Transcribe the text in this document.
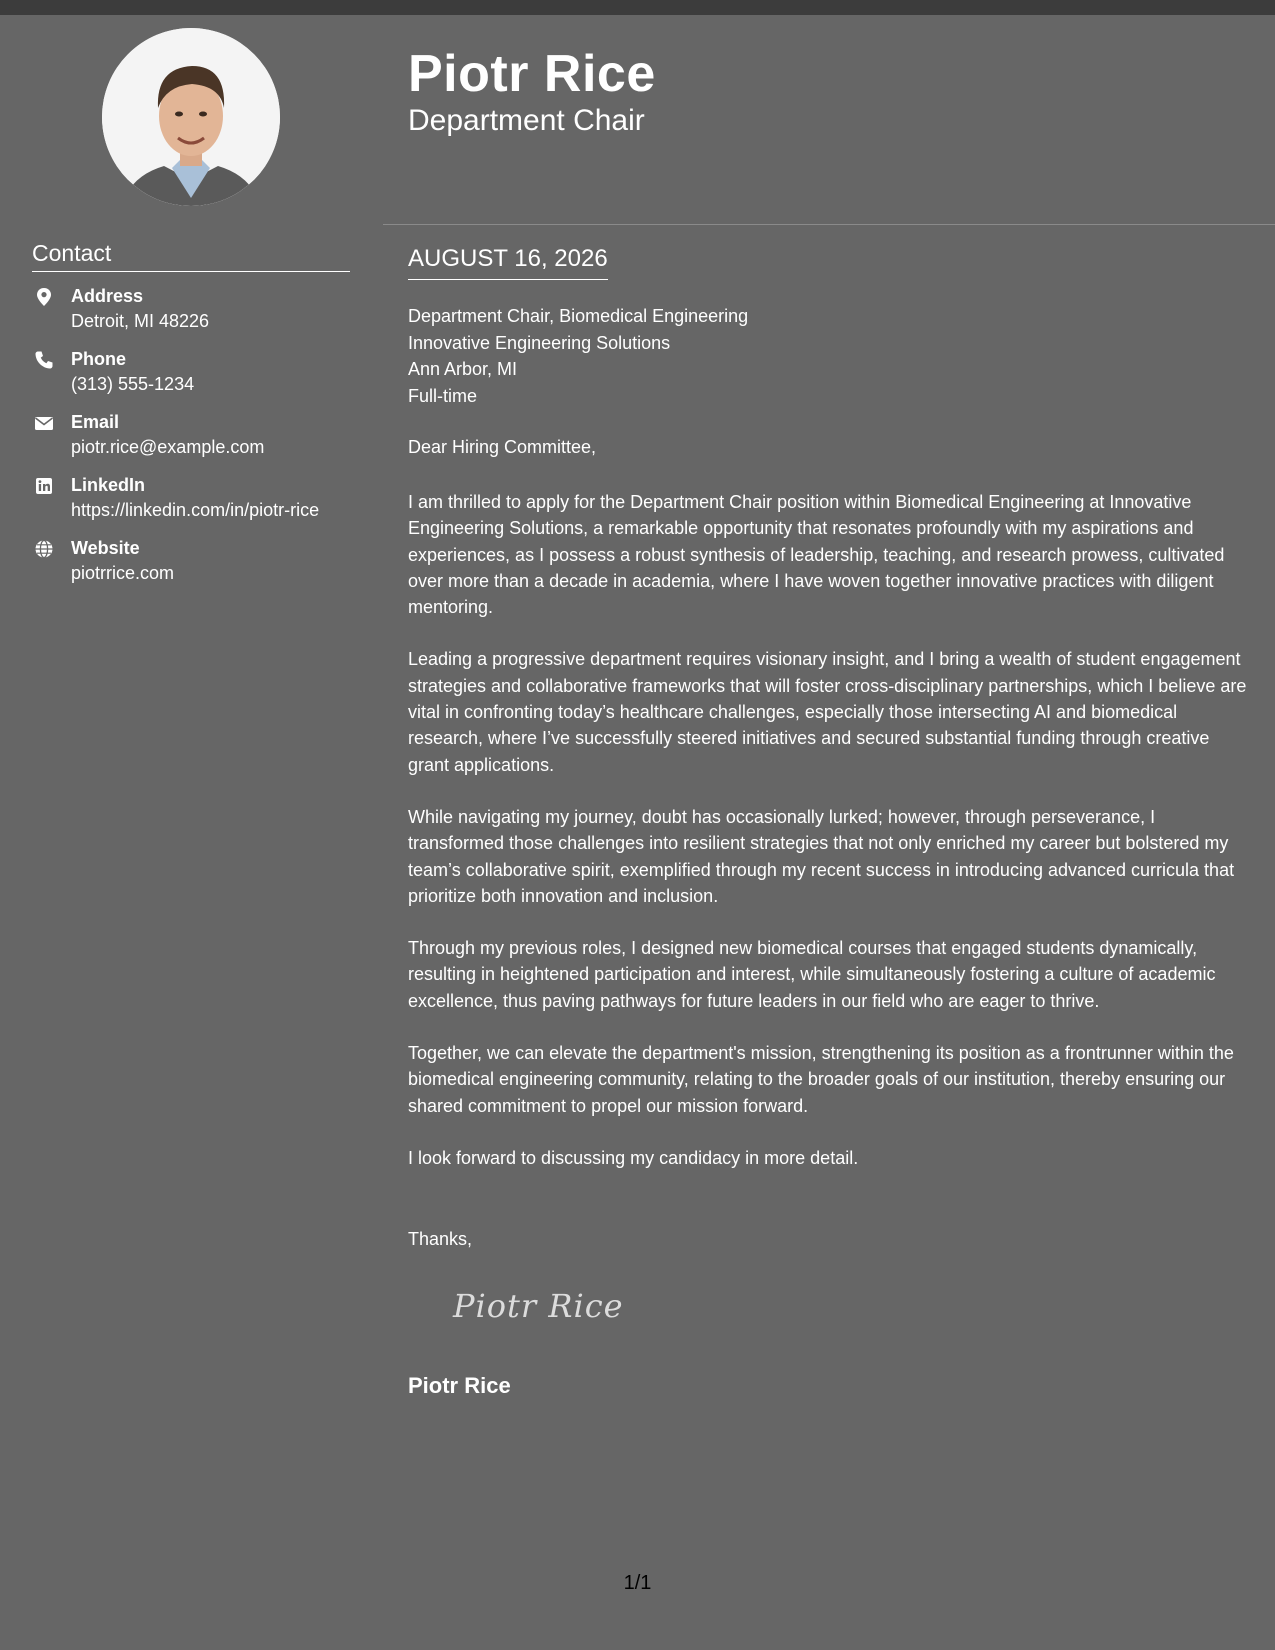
Contact
Address
Detroit, MI 48226
Phone
(313) 555-1234
Email
piotr.rice@example.com
LinkedIn
https://linkedin.com/in/piotr-rice
Website
piotrrice.com
Piotr Rice
Department Chair
AUGUST 16, 2026
Department Chair, Biomedical Engineering
Innovative Engineering Solutions
Ann Arbor, MI
Full-time
Dear Hiring Committee,

I am thrilled to apply for the Department Chair position within Biomedical Engineering at Innovative Engineering Solutions, a remarkable opportunity that resonates profoundly with my aspirations and experiences, as I possess a robust synthesis of leadership, teaching, and research prowess, cultivated over more than a decade in academia, where I have woven together innovative practices with diligent mentoring.

Leading a progressive department requires visionary insight, and I bring a wealth of student engagement strategies and collaborative frameworks that will foster cross-disciplinary partnerships, which I believe are vital in confronting today’s healthcare challenges, especially those intersecting AI and biomedical research, where I’ve successfully steered initiatives and secured substantial funding through creative grant applications.

While navigating my journey, doubt has occasionally lurked; however, through perseverance, I transformed those challenges into resilient strategies that not only enriched my career but bolstered my team’s collaborative spirit, exemplified through my recent success in introducing advanced curricula that prioritize both innovation and inclusion.

Through my previous roles, I designed new biomedical courses that engaged students dynamically, resulting in heightened participation and interest, while simultaneously fostering a culture of academic excellence, thus paving pathways for future leaders in our field who are eager to thrive.

Together, we can elevate the department's mission, strengthening its position as a frontrunner within the biomedical engineering community, relating to the broader goals of our institution, thereby ensuring our shared commitment to propel our mission forward.

I look forward to discussing my candidacy in more detail.

Thanks,
Piotr Rice
Piotr Rice
1/1
